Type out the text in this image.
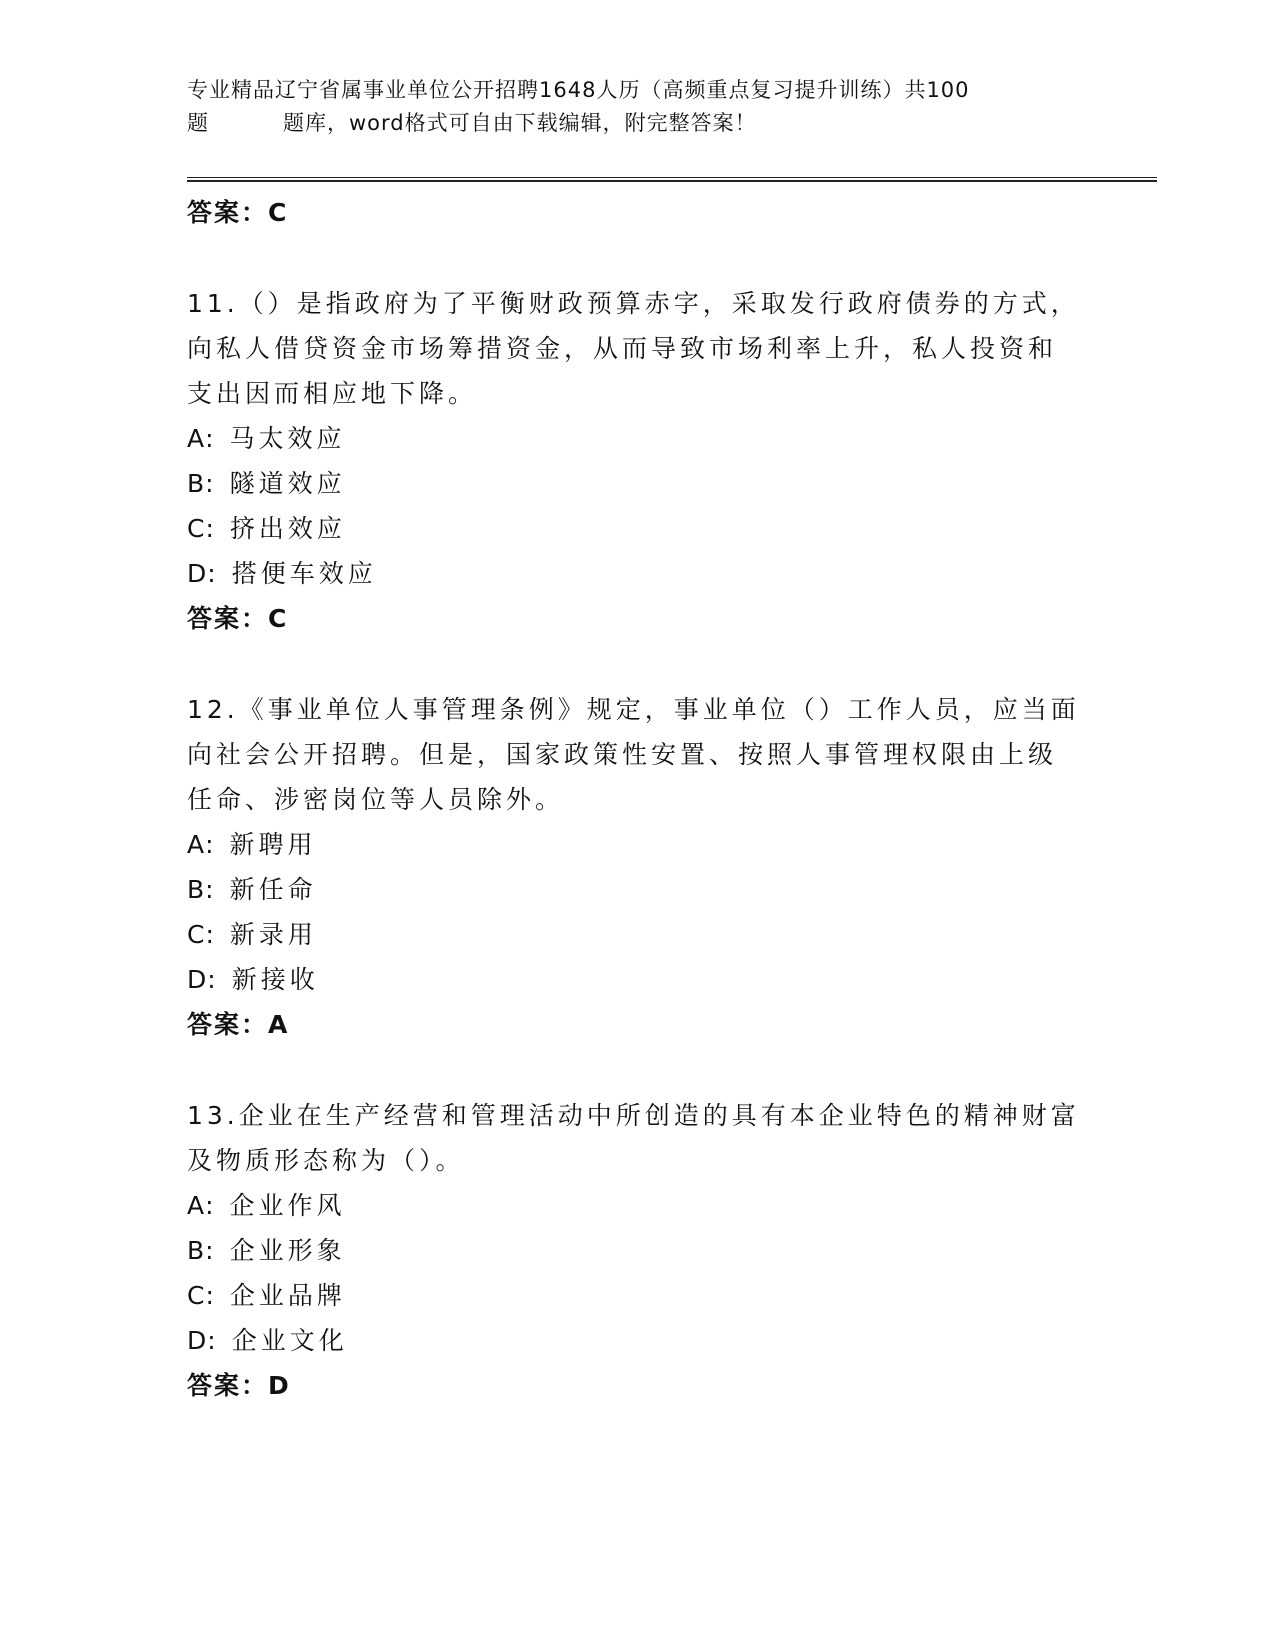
专业精品辽宁省属事业单位公开招聘1648人历（高频重点复习提升训练）共100
题	题库，word格式可自由下载编辑，附完整答案！
答案：C
11.（）是指政府为了平衡财政预算赤字，采取发行政府债券的方式，
向私人借贷资金市场筹措资金，从而导致市场利率上升，私人投资和
支出因而相应地下降。
A: 马太效应
B: 隧道效应
C: 挤出效应
D: 搭便车效应
答案：C
12.《事业单位人事管理条例》规定，事业单位（）工作人员，应当面
向社会公开招聘。但是，国家政策性安置、按照人事管理权限由上级
任命、涉密岗位等人员除外。
A: 新聘用
B: 新任命
C: 新录用
D: 新接收
答案：A
13.企业在生产经营和管理活动中所创造的具有本企业特色的精神财富
及物质形态称为（）。
A: 企业作风
B: 企业形象
C: 企业品牌
D: 企业文化
答案：D
